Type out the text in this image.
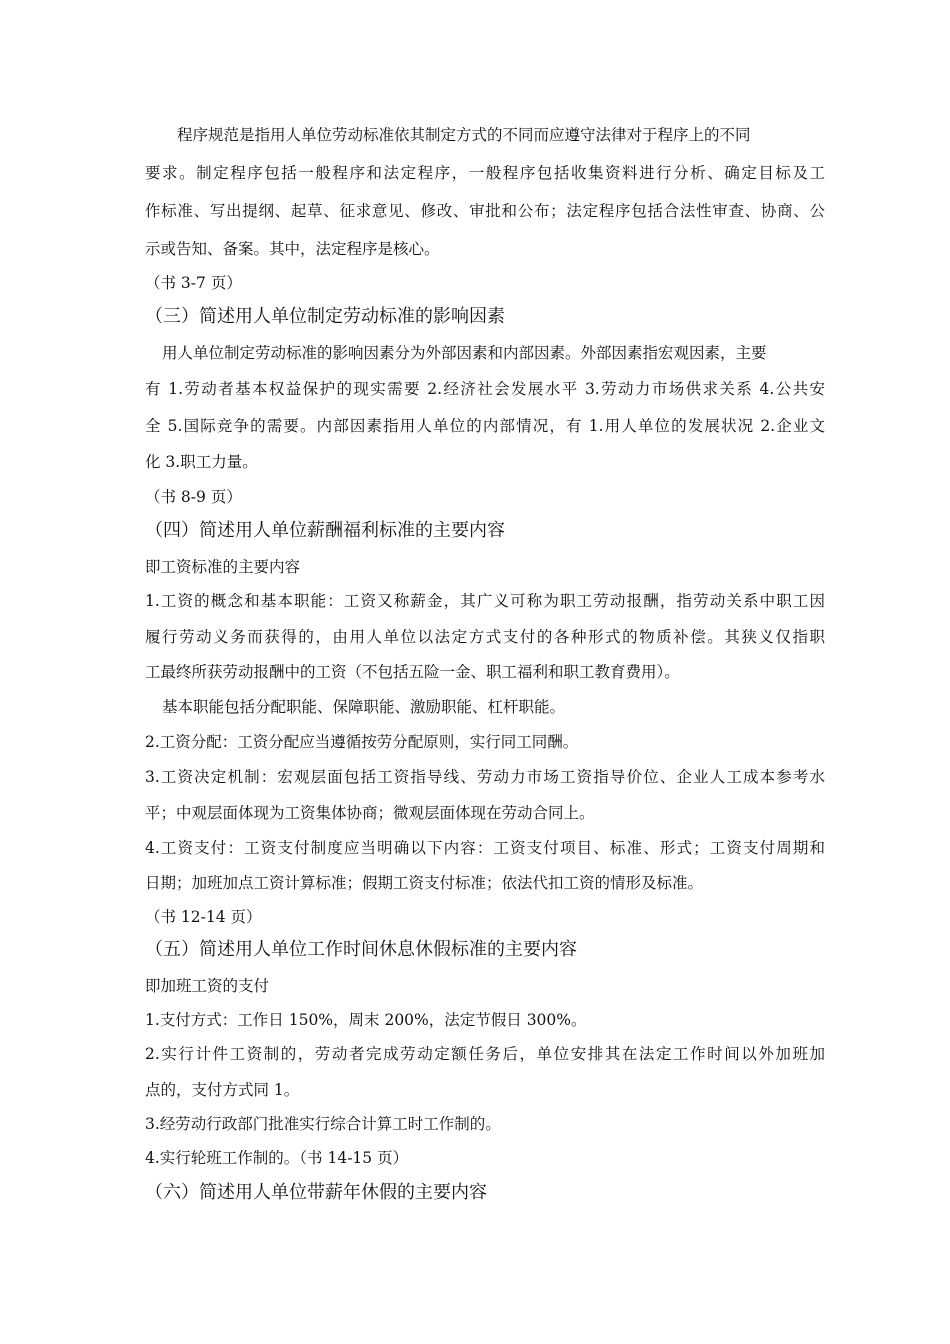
程序规范是指用人单位劳动标准依其制定方式的不同而应遵守法律对于程序上的不同
要求。制定程序包括一般程序和法定程序，一般程序包括收集资料进行分析、确定目标及工
作标准、写出提纲、起草、征求意见、修改、审批和公布；法定程序包括合法性审查、协商、公
示或告知、备案。其中，法定程序是核心。
（书 3-7 页）
（三）简述用人单位制定劳动标准的影响因素
用人单位制定劳动标准的影响因素分为外部因素和内部因素。外部因素指宏观因素，主要
有 1.劳动者基本权益保护的现实需要 2.经济社会发展水平 3.劳动力市场供求关系 4.公共安
全 5.国际竞争的需要。内部因素指用人单位的内部情况，有 1.用人单位的发展状况 2.企业文
化 3.职工力量。
（书 8-9 页）
（四）简述用人单位薪酬福利标准的主要内容
即工资标准的主要内容
1.工资的概念和基本职能：工资又称薪金，其广义可称为职工劳动报酬，指劳动关系中职工因
履行劳动义务而获得的，由用人单位以法定方式支付的各种形式的物质补偿。其狭义仅指职
工最终所获劳动报酬中的工资（不包括五险一金、职工福利和职工教育费用）。
基本职能包括分配职能、保障职能、激励职能、杠杆职能。
2.工资分配：工资分配应当遵循按劳分配原则，实行同工同酬。
3.工资决定机制：宏观层面包括工资指导线、劳动力市场工资指导价位、企业人工成本参考水
平；中观层面体现为工资集体协商；微观层面体现在劳动合同上。
4.工资支付：工资支付制度应当明确以下内容：工资支付项目、标准、形式；工资支付周期和
日期；加班加点工资计算标准；假期工资支付标准；依法代扣工资的情形及标准。
（书 12-14 页）
（五）简述用人单位工作时间休息休假标准的主要内容
即加班工资的支付
1.支付方式：工作日 150%，周末 200%，法定节假日 300%。
2.实行计件工资制的，劳动者完成劳动定额任务后，单位安排其在法定工作时间以外加班加
点的，支付方式同 1。
3.经劳动行政部门批准实行综合计算工时工作制的。
4.实行轮班工作制的。（书 14-15 页）
（六）简述用人单位带薪年休假的主要内容
